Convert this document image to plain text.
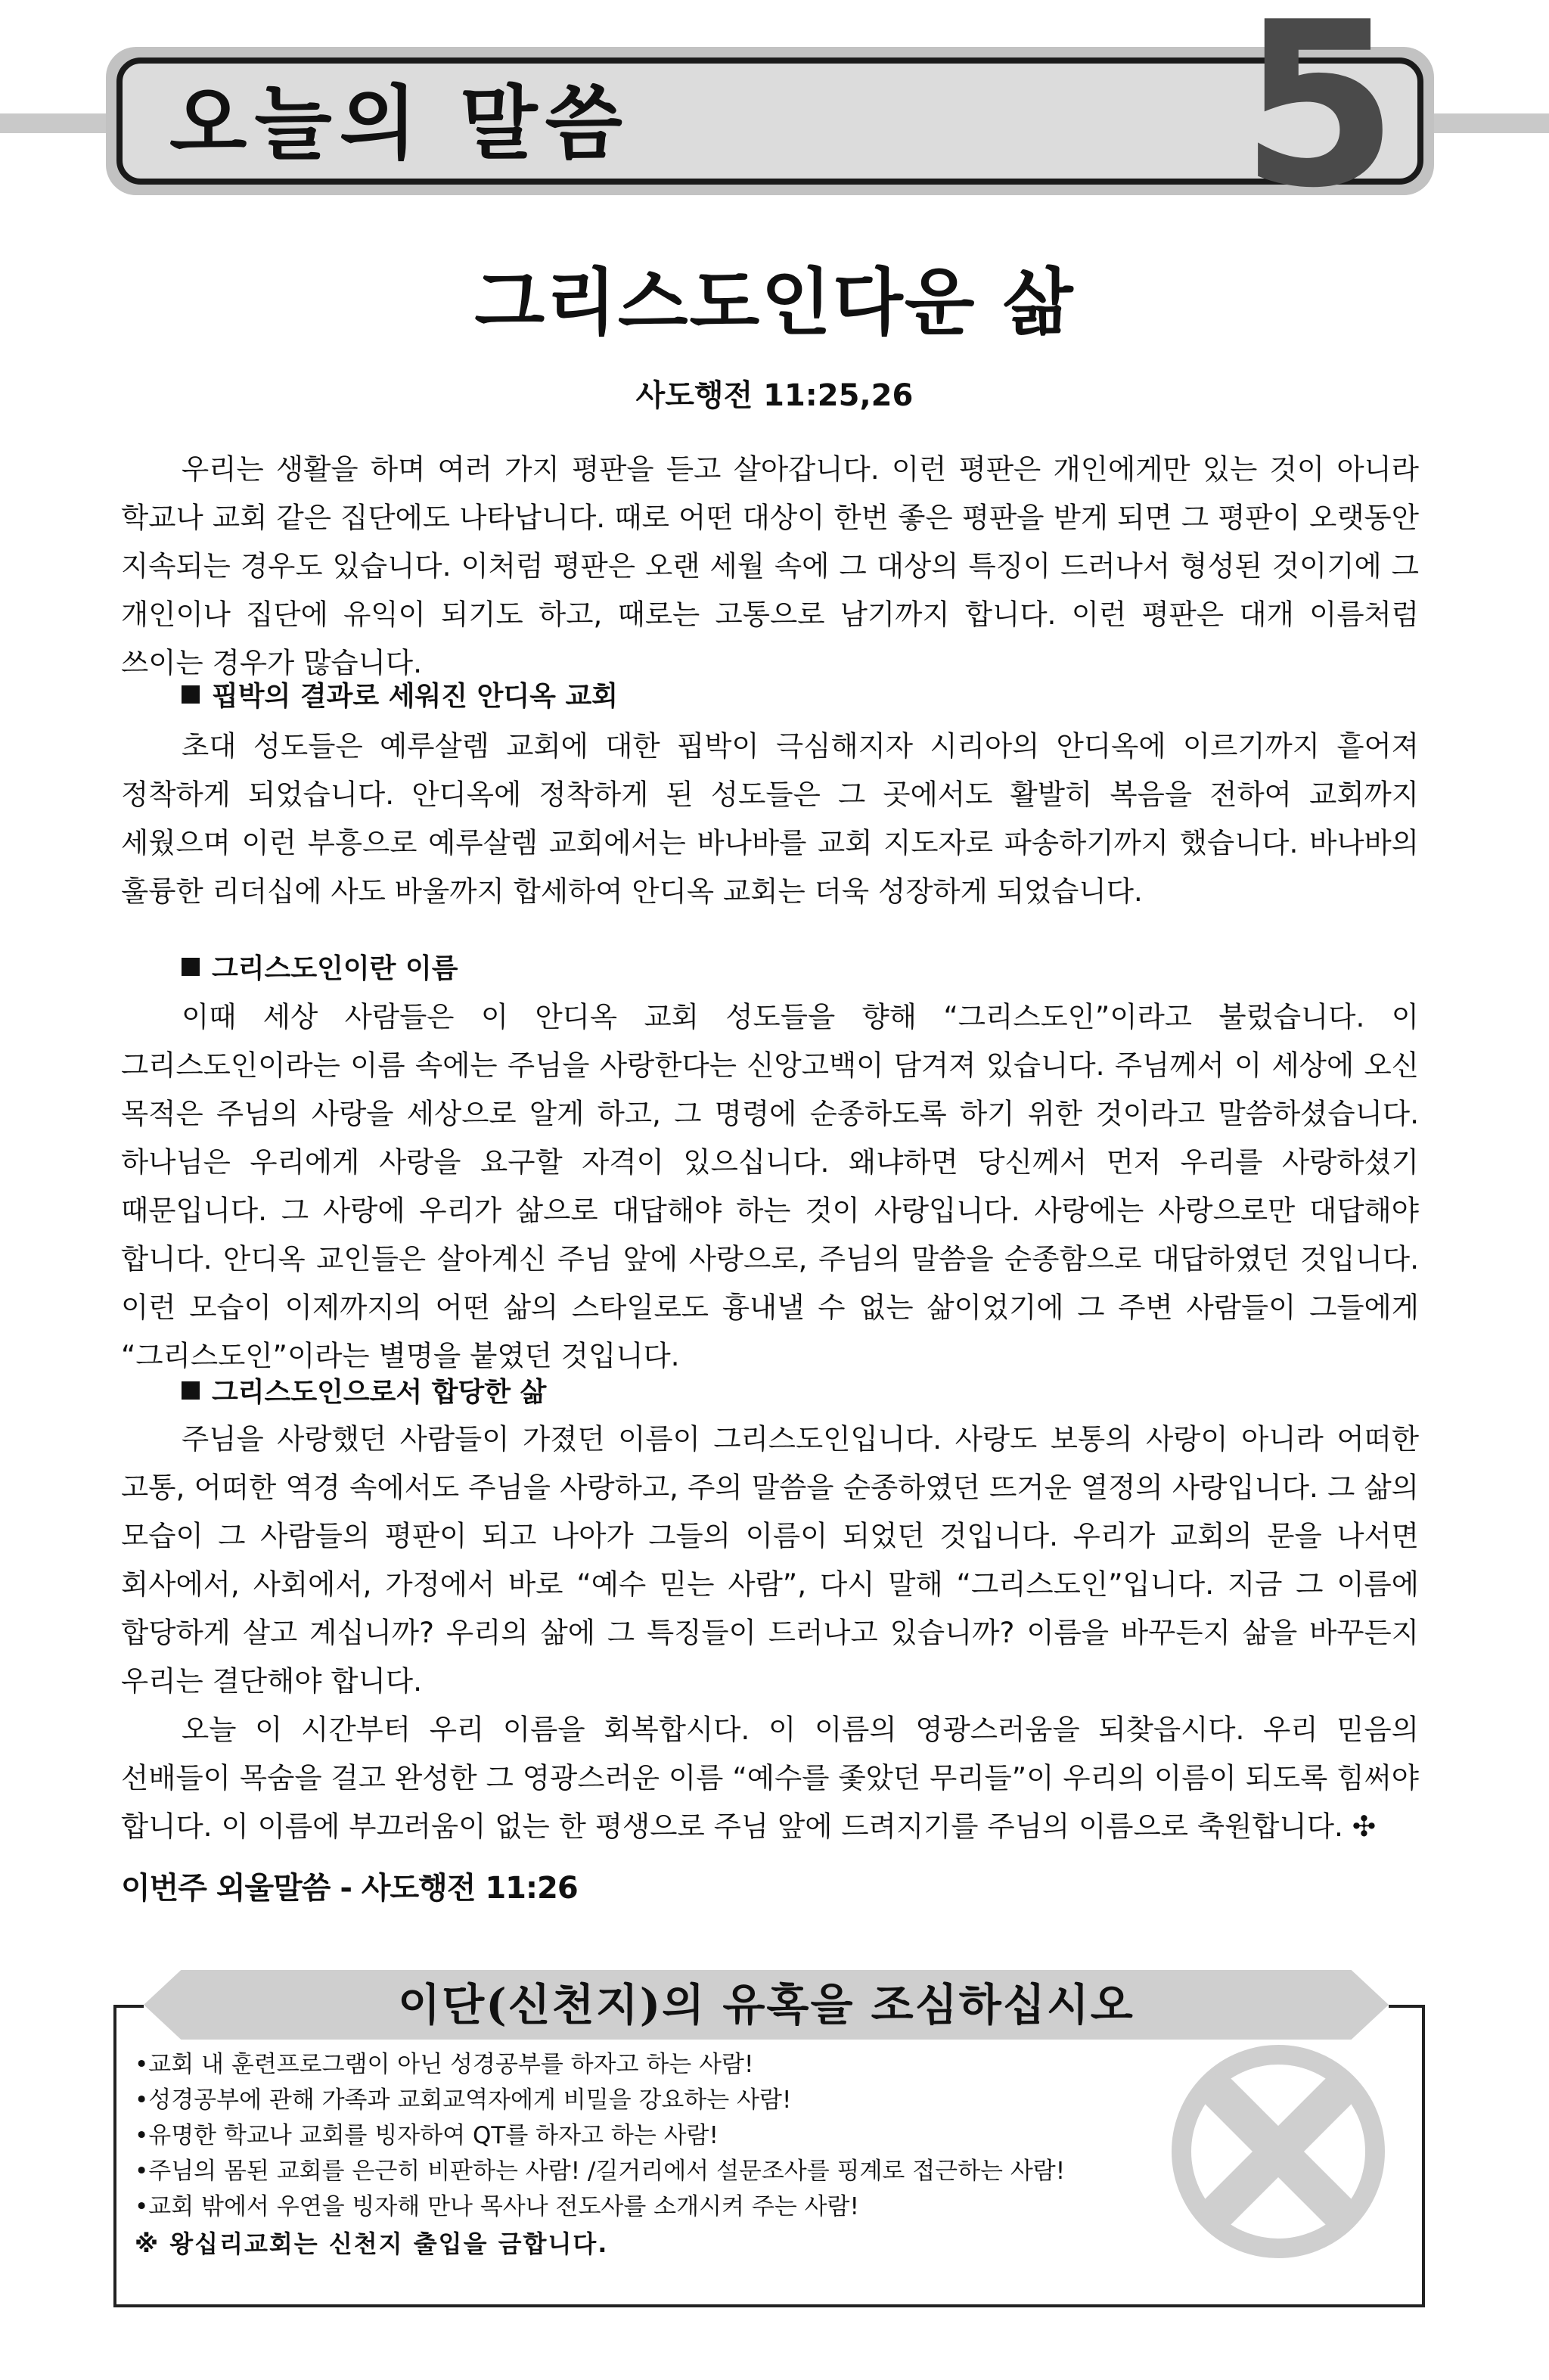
오늘의 말씀	5
그리스도인다운 삶
사도행전 11:25,26

우리는 생활을 하며 여러 가지 평판을 듣고 살아갑니다. 이런 평판은 개인에게만 있는 것이 아니라 학교나 교회 같은 집단에도 나타납니다. 때로 어떤 대상이 한번 좋은 평판을 받게 되면 그 평판이 오랫동안 지속되는 경우도 있습니다. 이처럼 평판은 오랜 세월 속에 그 대상의 특징이 드러나서 형성된 것이기에 그 개인이나 집단에 유익이 되기도 하고, 때로는 고통으로 남기까지 합니다. 이런 평판은 대개 이름처럼 쓰이는 경우가 많습니다.

핍박의 결과로 세워진 안디옥 교회

초대 성도들은 예루살렘 교회에 대한 핍박이 극심해지자 시리아의 안디옥에 이르기까지 흩어져 정착하게 되었습니다. 안디옥에 정착하게 된 성도들은 그 곳에서도 활발히 복음을 전하여 교회까지 세웠으며 이런 부흥으로 예루살렘 교회에서는 바나바를 교회 지도자로 파송하기까지 했습니다. 바나바의 훌륭한 리더십에 사도 바울까지 합세하여 안디옥 교회는 더욱 성장하게 되었습니다.

그리스도인이란 이름

이때 세상 사람들은 이 안디옥 교회 성도들을 향해 “그리스도인”이라고 불렀습니다. 이 그리스도인이라는 이름 속에는 주님을 사랑한다는 신앙고백이 담겨져 있습니다. 주님께서 이 세상에 오신 목적은 주님의 사랑을 세상으로 알게 하고, 그 명령에 순종하도록 하기 위한 것이라고 말씀하셨습니다. 하나님은 우리에게 사랑을 요구할 자격이 있으십니다. 왜냐하면 당신께서 먼저 우리를 사랑하셨기 때문입니다. 그 사랑에 우리가 삶으로 대답해야 하는 것이 사랑입니다. 사랑에는 사랑으로만 대답해야 합니다. 안디옥 교인들은 살아계신 주님 앞에 사랑으로, 주님의 말씀을 순종함으로 대답하였던 것입니다. 이런 모습이 이제까지의 어떤 삶의 스타일로도 흉내낼 수 없는 삶이었기에 그 주변 사람들이 그들에게 “그리스도인”이라는 별명을 붙였던 것입니다.

그리스도인으로서 합당한 삶

주님을 사랑했던 사람들이 가졌던 이름이 그리스도인입니다. 사랑도 보통의 사랑이 아니라 어떠한 고통, 어떠한 역경 속에서도 주님을 사랑하고, 주의 말씀을 순종하였던 뜨거운 열정의 사랑입니다. 그 삶의 모습이 그 사람들의 평판이 되고 나아가 그들의 이름이 되었던 것입니다. 우리가 교회의 문을 나서면 회사에서, 사회에서, 가정에서 바로 “예수 믿는 사람”, 다시 말해 “그리스도인”입니다. 지금 그 이름에 합당하게 살고 계십니까? 우리의 삶에 그 특징들이 드러나고 있습니까? 이름을 바꾸든지 삶을 바꾸든지 우리는 결단해야 합니다.

오늘 이 시간부터 우리 이름을 회복합시다. 이 이름의 영광스러움을 되찾읍시다. 우리 믿음의 선배들이 목숨을 걸고 완성한 그 영광스러운 이름 “예수를 좇았던 무리들”이 우리의 이름이 되도록 힘써야 합니다. 이 이름에 부끄러움이 없는 한 평생으로 주님 앞에 드려지기를 주님의 이름으로 축원합니다. ✣

이번주 외울말씀 - 사도행전 11:26
이단(신천지)의 유혹을 조심하십시오
•교회 내 훈련프로그램이 아닌 성경공부를 하자고 하는 사람!
•성경공부에 관해 가족과 교회교역자에게 비밀을 강요하는 사람!
•유명한 학교나 교회를 빙자하여 QT를 하자고 하는 사람!
•주님의 몸된 교회를 은근히 비판하는 사람! /길거리에서 설문조사를 핑계로 접근하는 사람!
•교회 밖에서 우연을 빙자해 만나 목사나 전도사를 소개시켜 주는 사람!
※ 왕십리교회는 신천지 출입을 금합니다.
